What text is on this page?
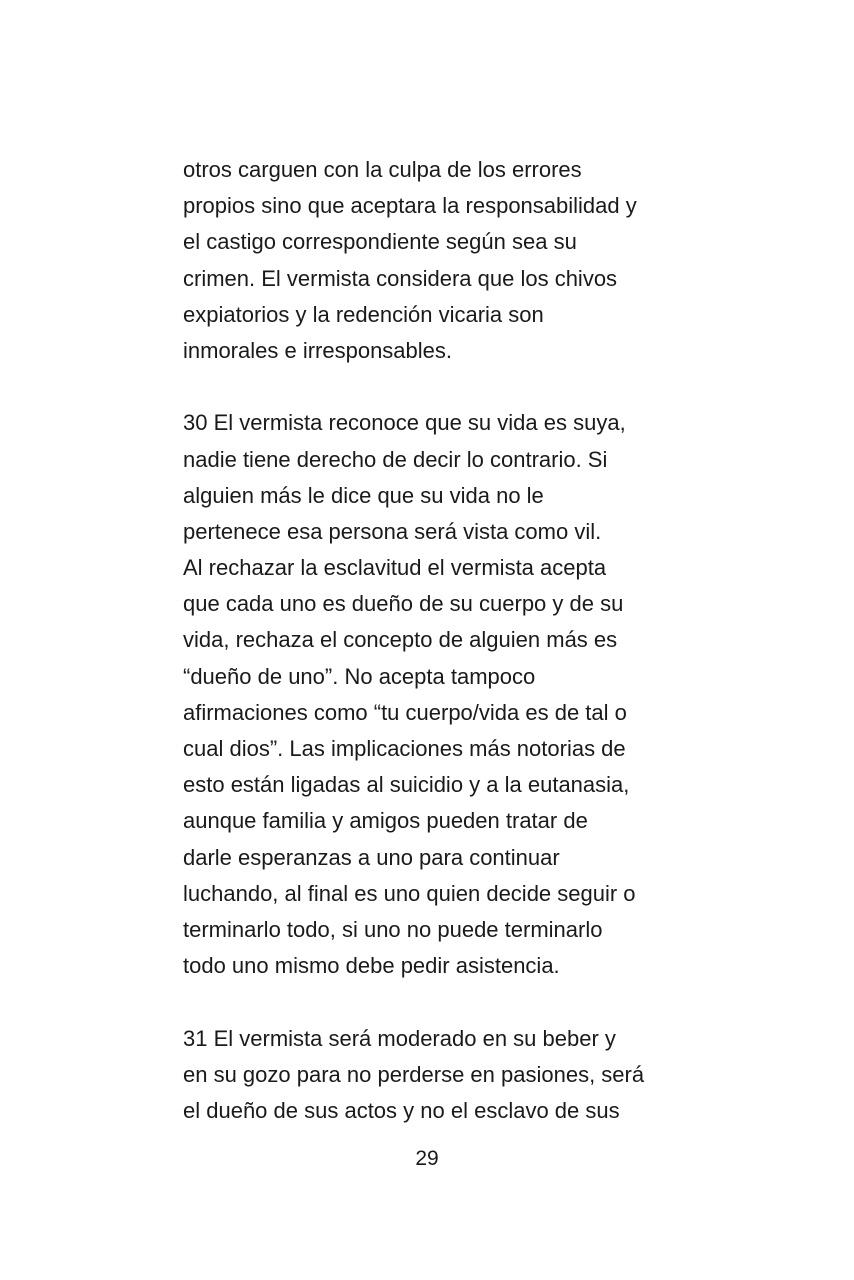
otros carguen con la culpa de los errores
propios sino que aceptara la responsabilidad y
el castigo correspondiente según sea su
crimen. El vermista considera que los chivos
expiatorios y la redención vicaria son
inmorales e irresponsables.
30 El vermista reconoce que su vida es suya,
nadie tiene derecho de decir lo contrario. Si
alguien más le dice que su vida no le
pertenece esa persona será vista como vil.
Al rechazar la esclavitud el vermista acepta
que cada uno es dueño de su cuerpo y de su
vida, rechaza el concepto de alguien más es
“dueño de uno”. No acepta tampoco
afirmaciones como “tu cuerpo/vida es de tal o
cual dios”. Las implicaciones más notorias de
esto están ligadas al suicidio y a la eutanasia,
aunque familia y amigos pueden tratar de
darle esperanzas a uno para continuar
luchando, al final es uno quien decide seguir o
terminarlo todo, si uno no puede terminarlo
todo uno mismo debe pedir asistencia.
31 El vermista será moderado en su beber y
en su gozo para no perderse en pasiones, será
el dueño de sus actos y no el esclavo de sus
29
